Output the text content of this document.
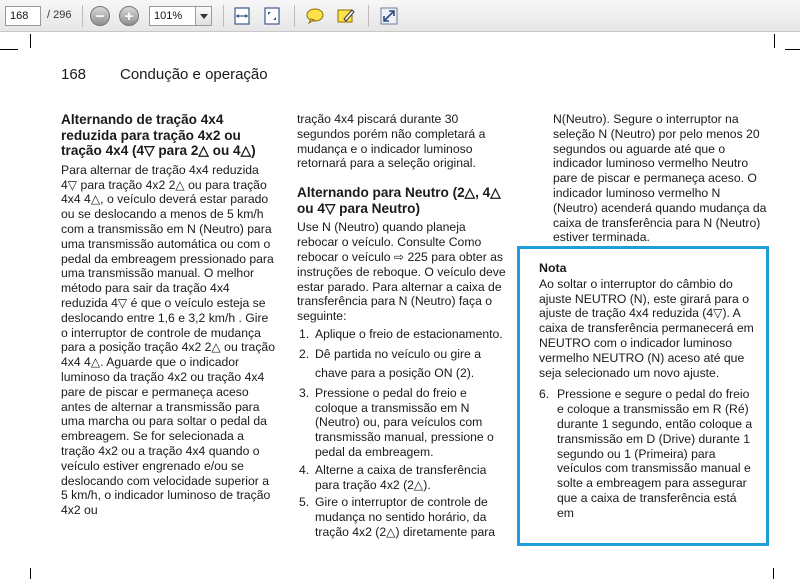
168	/ 296 − +	101%
168 Condução e operação
Alternando de tração 4x4 reduzida para tração 4x2 ou tração 4x4 (4▽ para 2△ ou 4△)

Para alternar de tração 4x4 reduzida 4▽ para tração 4x2 2△ ou para tração 4x4 4△, o veículo deverá estar parado ou se deslocando a menos de 5 km/h com a transmissão em N (Neutro) para uma transmissão automática ou com o pedal da embreagem pressionado para uma transmissão manual. O melhor método para sair da tração 4x4 reduzida 4▽ é que o veículo esteja se deslocando entre 1,6 e 3,2 km/h . Gire o interruptor de controle de mudança para a posição tração 4x2 2△ ou tração 4x4 4△. Aguarde que o indicador luminoso da tração 4x2 ou tração 4x4 pare de piscar e permaneça aceso antes de alternar a transmissão para uma marcha ou para soltar o pedal da embreagem. Se for selecionada a tração 4x2 ou a tração 4x4 quando o veículo estiver engrenado e/ou se deslocando com velocidade superior a 5 km/h, o indicador luminoso de tração 4x2 ou

tração 4x4 piscará durante 30 segundos porém não completará a mudança e o indicador luminoso retornará para a seleção original.

Alternando para Neutro (2△, 4△ ou 4▽ para Neutro)

Use N (Neutro) quando planeja rebocar o veículo. Consulte Como rebocar o veículo ⇨ 225 para obter as instruções de reboque. O veículo deve estar parado. Para alternar a caixa de transferência para N (Neutro) faça o seguinte:

1. Aplique o freio de estacionamento.
2. Dê partida no veículo ou gire a chave para a posição ON (2).
3. Pressione o pedal do freio e coloque a transmissão em N (Neutro) ou, para veículos com transmissão manual, pressione o pedal da embreagem.
4. Alterne a caixa de transferência para tração 4x2 (2△).
5. Gire o interruptor de controle de mudança no sentido horário, da tração 4x2 (2△) diretamente para

N(Neutro). Segure o interruptor na seleção N (Neutro) por pelo menos 20 segundos ou aguarde até que o indicador luminoso vermelho Neutro pare de piscar e permaneça aceso. O indicador luminoso vermelho N (Neutro) acenderá quando mudança da caixa de transferência para N (Neutro) estiver terminada.

Nota

Ao soltar o interruptor do câmbio do ajuste NEUTRO (N), este girará para o ajuste de tração 4x4 reduzida (4▽). A caixa de transferência permanecerá em NEUTRO com o indicador luminoso vermelho NEUTRO (N) aceso até que seja selecionado um novo ajuste.

6. Pressione e segure o pedal do freio e coloque a transmissão em R (Ré) durante 1 segundo, então coloque a transmissão em D (Drive) durante 1 segundo ou 1 (Primeira) para veículos com transmissão manual e solte a embreagem para assegurar que a caixa de transferência está em
